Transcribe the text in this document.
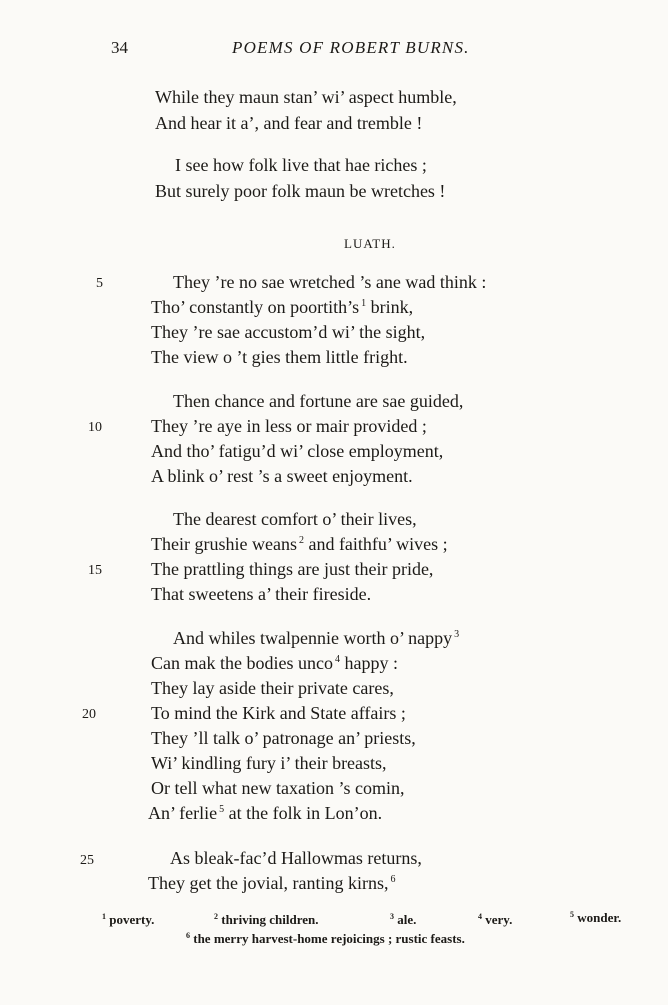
34	POEMS OF ROBERT BURNS.
While they maun stan’ wi’ aspect humble,
And hear it a’, and fear and tremble !
I see how folk live that hae riches ;
But surely poor folk maun be wretches !
LUATH.
5	They ’re no sae wretched ’s ane wad think :
Tho’ constantly on poortith’s $^1$ brink,
They ’re sae accustom’d wi’ the sight,
The view o ’t gies them little fright.
Then chance and fortune are sae guided,
10	They ’re aye in less or mair provided ;
And tho’ fatigu’d wi’ close employment,
A blink o’ rest ’s a sweet enjoyment.
The dearest comfort o’ their lives,
Their grushie weans $^2$ and faithfu’ wives ;
15	The prattling things are just their pride,
That sweetens a’ their fireside.
And whiles twalpennie worth o’ nappy $^3$
Can mak the bodies unco $^4$ happy :
They lay aside their private cares,
20	To mind the Kirk and State affairs ;
They ’ll talk o’ patronage an’ priests,
Wi’ kindling fury i’ their breasts,
Or tell what new taxation ’s comin,
An’ ferlie $^5$ at the folk in Lon’on.
25	As bleak-fac’d Hallowmas returns,
They get the jovial, ranting kirns, $^6$
$^1$ poverty.	$^2$ thriving children.	$^3$ ale.	$^4$ very.	$^5$ wonder.
$^6$ the merry harvest-home rejoicings ; rustic feasts.
